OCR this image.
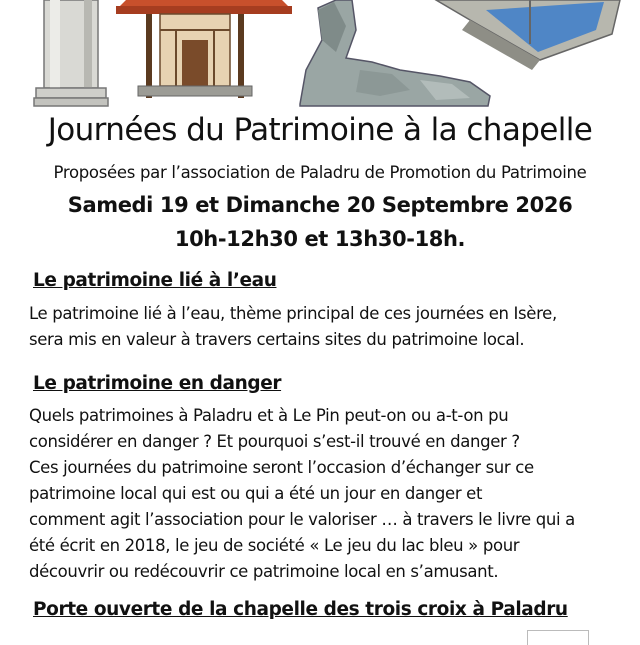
Journées du Patrimoine à la chapelle
Proposées par l’association de Paladru de Promotion du Patrimoine
Samedi 19 et Dimanche 20 Septembre 2026
10h-12h30 et 13h30-18h.
Le patrimoine lié à l’eau
Le patrimoine lié à l’eau, thème principal de ces journées en Isère,
sera mis en valeur à travers certains sites du patrimoine local.
Le patrimoine en danger
Quels patrimoines à Paladru et à Le Pin peut-on ou a-t-on pu
considérer en danger ? Et pourquoi s’est-il trouvé en danger ?
Ces journées du patrimoine seront l’occasion d’échanger sur ce
patrimoine local qui est ou qui a été un jour en danger et
comment agit l’association pour le valoriser … à travers le livre qui a
été écrit en 2018, le jeu de société « Le jeu du lac bleu » pour
découvrir ou redécouvrir ce patrimoine local en s’amusant.
Porte ouverte de la chapelle des trois croix à Paladru
